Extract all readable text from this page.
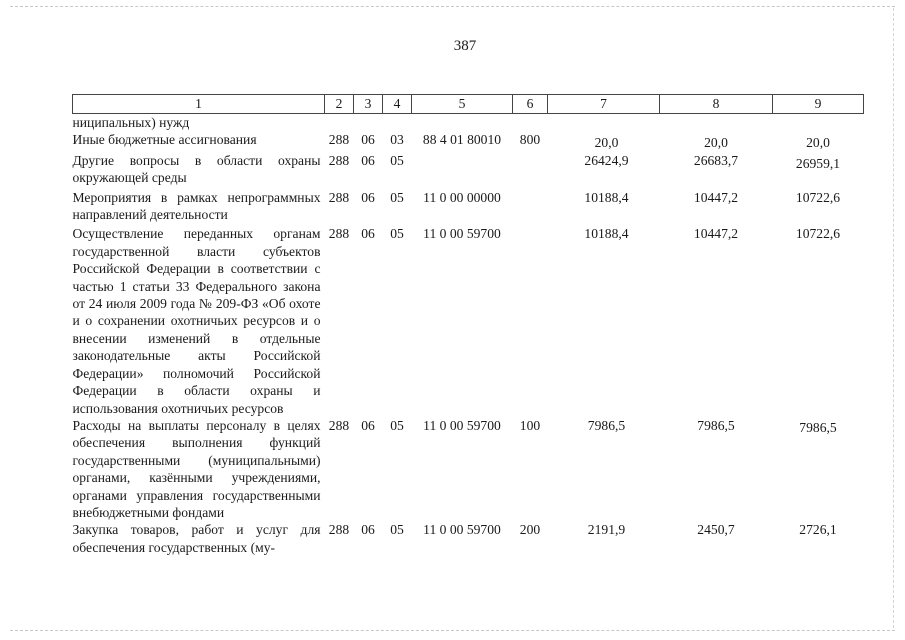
387
1	2	3	4	5	6	7	8	9
ниципальных) нужд								
Иные бюджетные ассигнования	288	06	03	88 4 01 80010	800	20,0	20,0	20,0
Другие вопросы в области охраны окружающей среды	288	06	05			26424,9	26683,7	26959,1
Мероприятия в рамках непрограммных направлений деятельности	288	06	05	11 0 00 00000		10188,4	10447,2	10722,6
Осуществление переданных органам государственной власти субъектов Российской Федерации в соответствии с частью 1 статьи 33 Федерального закона от 24 июля 2009 года № 209-ФЗ «Об охоте и о сохранении охотничьих ресурсов и о внесении изменений в отдельные законодательные акты Российской Федерации» полномочий Российской Федерации в области охраны и использования охотничьих ресурсов	288	06	05	11 0 00 59700		10188,4	10447,2	10722,6
Расходы на выплаты персоналу в целях обеспечения выполнения функций государственными (муниципальными) органами, казёнными учреждениями, органами управления государственными внебюджетными фондами	288	06	05	11 0 00 59700	100	7986,5	7986,5	7986,5
Закупка товаров, работ и услуг для обеспечения государственных (му-	288	06	05	11 0 00 59700	200	2191,9	2450,7	2726,1
